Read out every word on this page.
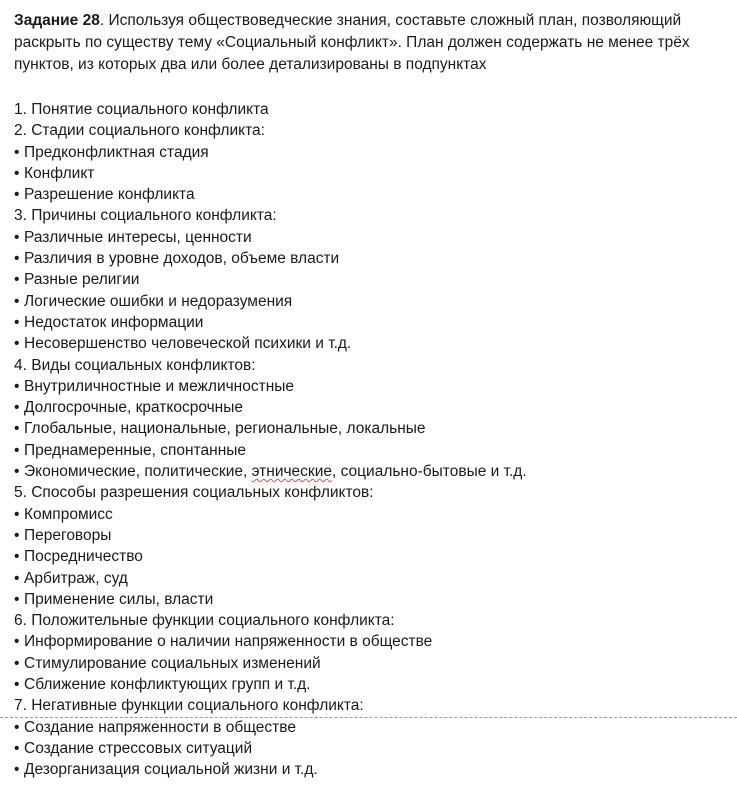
Задание 28. Используя обществоведческие знания, составьте сложный план, позволяющий раскрыть по существу тему «Социальный конфликт». План должен содержать не менее трёх пунктов, из которых два или более детализированы в подпунктах

1. Понятие социального конфликта
2. Стадии социального конфликта:
• Предконфликтная стадия
• Конфликт
• Разрешение конфликта
3. Причины социального конфликта:
• Различные интересы, ценности
• Различия в уровне доходов, объеме власти
• Разные религии
• Логические ошибки и недоразумения
• Недостаток информации
• Несовершенство человеческой психики и т.д.
4. Виды социальных конфликтов:
• Внутриличностные и межличностные
• Долгосрочные, краткосрочные
• Глобальные, национальные, региональные, локальные
• Преднамеренные, спонтанные
• Экономические, политические, этнические, социально-бытовые и т.д.
5. Способы разрешения социальных конфликтов:
• Компромисс
• Переговоры
• Посредничество
• Арбитраж, суд
• Применение силы, власти
6. Положительные функции социального конфликта:
• Информирование о наличии напряженности в обществе
• Стимулирование социальных изменений
• Сближение конфликтующих групп и т.д.
7. Негативные функции социального конфликта:
• Создание напряженности в обществе
• Создание стрессовых ситуаций
• Дезорганизация социальной жизни и т.д.
